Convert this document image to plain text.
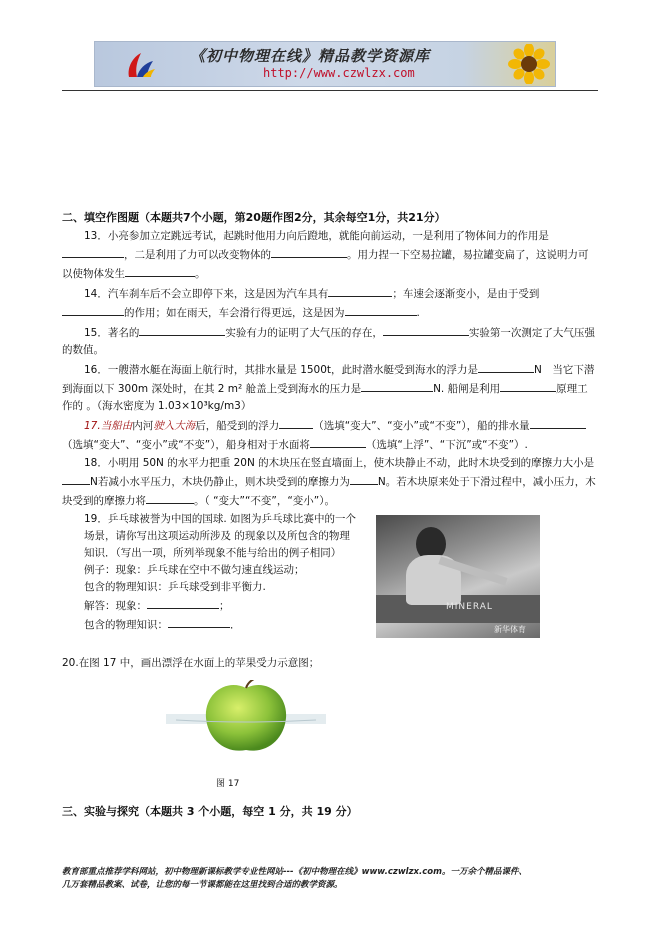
《初中物理在线》精品教学资源库
http://www.czwlzx.com
二、填空作图题（本题共7个小题，第20题作图2分，其余每空1分，共21分）

13．小亮参加立定跳远考试，起跳时他用力向后蹬地，就能向前运动，一是利用了物体间力的作用是，二是利用了力可以改变物体的	。用力捏一下空易拉罐，易拉罐变扁了，这说明力可以使物体发生	。

14．汽车刹车后不会立即停下来，这是因为汽车具有	；车速会逐渐变小，是由于受到的作用；如在雨天，车会滑行得更远，这是因为	.

15．著名的	实验有力的证明了大气压的存在，	实验第一次测定了大气压强的数值。

16．一艘潜水艇在海面上航行时，其排水量是 1500t，此时潜水艇受到海水的浮力是	N　当它下潜到海面以下 300m 深处时，在其 2 m² 舱盖上受到海水的压力是	N. 船闸是利用	原理工作的 。（海水密度为 1.03×10³kg/m3）

17.当船由内河驶入大海后，船受到的浮力	（选填“变大”、“变小”或“不变”），船的排水量（选填“变大”、“变小”或“不变”），船身相对于水面将	（选填“上浮”、“下沉”或“不变”）.

18．小明用 50N 的水平力把重 20N 的木块压在竖直墙面上，使木块静止不动，此时木块受到的摩擦力大小是N若减小水平压力，木块仍静止，则木块受到的摩擦力为	N。若木块原来处于下滑过程中，减小压力，木块受到的摩擦力将	。（ “变大”“不变”，“变小”）。

19．乒乓球被誉为中国的国球. 如图为乒乓球比赛中的一个

场景，请你写出这项运动所涉及 的现象以及所包含的物理

知识．（写出一项，所列举现象不能与给出的例子相同）

例子：现象：乒乓球在空中不做匀速直线运动；

包含的物理知识：乒乓球受到非平衡力.

解答：现象：	；

包含的物理知识：	．

MINERAL
新华体育

20.在图 17 中，画出漂浮在水面上的苹果受力示意图；

图 17
三、实验与探究（本题共 3 个小题，每空 1 分，共 19 分）
教育部重点推荐学科网站，初中物理新课标教学专业性网站---《初中物理在线》www.czwlzx.com。一万余个精品课件、
几万套精品教案、试卷，让您的每一节课都能在这里找到合适的教学资源。
